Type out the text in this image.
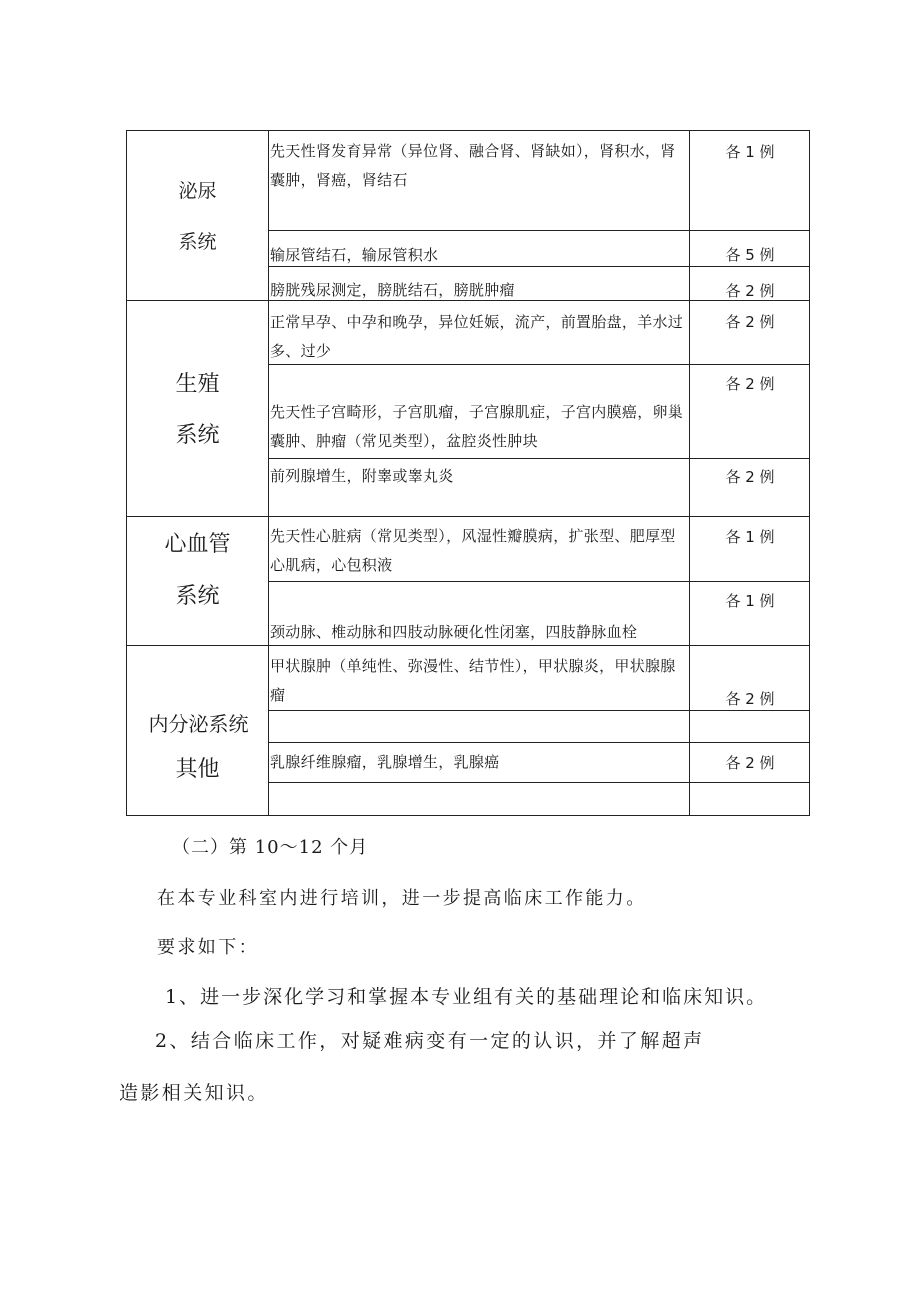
泌尿
系统
生殖
系统
心血管
系统
内分泌系统
其他
先天性肾发育异常（异位肾、融合肾、肾缺如），肾积水，肾囊肿，肾癌，肾结石
输尿管结石，输尿管积水
膀胱残尿测定，膀胱结石，膀胱肿瘤
正常早孕、中孕和晚孕，异位妊娠，流产，前置胎盘，羊水过多、过少
先天性子宫畸形，子宫肌瘤，子宫腺肌症，子宫内膜癌，卵巢囊肿、肿瘤（常见类型），盆腔炎性肿块
前列腺增生，附睾或睾丸炎
先天性心脏病（常见类型），风湿性瓣膜病，扩张型、肥厚型心肌病，心包积液
颈动脉、椎动脉和四肢动脉硬化性闭塞，四肢静脉血栓
甲状腺肿（单纯性、弥漫性、结节性），甲状腺炎，甲状腺腺瘤
乳腺纤维腺瘤，乳腺增生，乳腺癌
各 1 例
各 5 例
各 2 例
各 2 例
各 2 例
各 2 例
各 1 例
各 1 例
各 2 例
各 2 例
（二）第 10～12 个月
在本专业科室内进行培训，进一步提高临床工作能力。
要求如下：
1、进一步深化学习和掌握本专业组有关的基础理论和临床知识。
2、结合临床工作，对疑难病变有一定的认识，并了解超声
造影相关知识。
